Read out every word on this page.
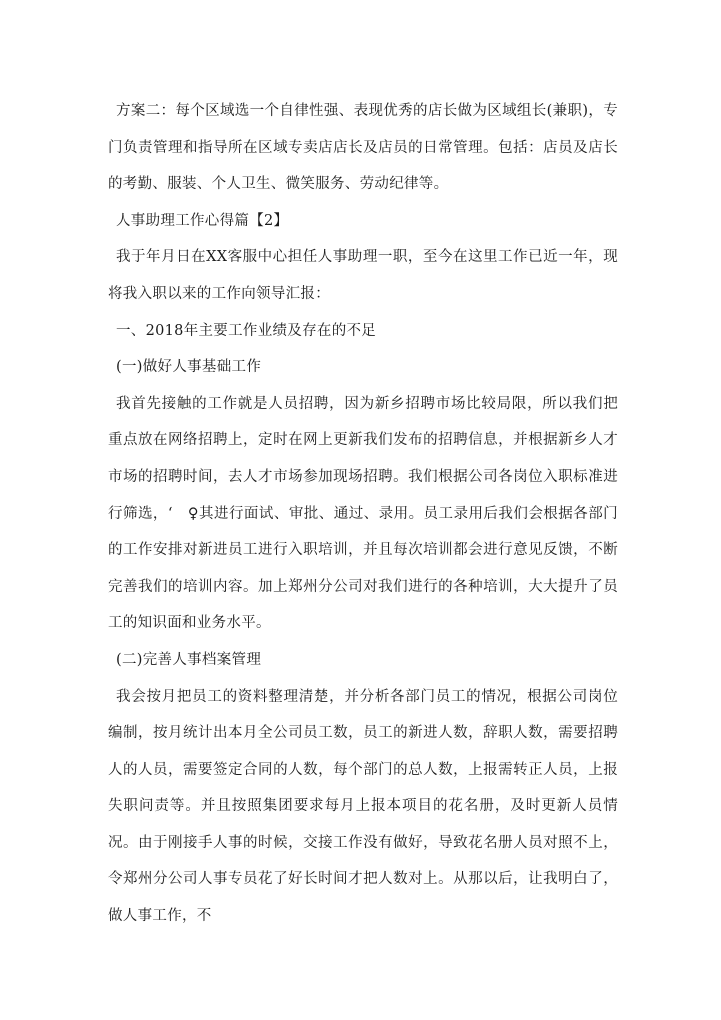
方案二：每个区域选一个自律性强、表现优秀的店长做为区域组长(兼职)，专门负责管理和指导所在区域专卖店店长及店员的日常管理。包括：店员及店长的考勤、服装、个人卫生、微笑服务、劳动纪律等。

人事助理工作心得篇【2】

我于年月日在XX客服中心担任人事助理一职，至今在这里工作已近一年，现将我入职以来的工作向领导汇报：

一、2018年主要工作业绩及存在的不足

(一)做好人事基础工作

我首先接触的工作就是人员招聘，因为新乡招聘市场比较局限，所以我们把重点放在网络招聘上，定时在网上更新我们发布的招聘信息，并根据新乡人才市场的招聘时间，去人才市场参加现场招聘。我们根据公司各岗位入职标准进行筛选，‘　♀其进行面试、审批、通过、录用。员工录用后我们会根据各部门的工作安排对新进员工进行入职培训，并且每次培训都会进行意见反馈，不断完善我们的培训内容。加上郑州分公司对我们进行的各种培训，大大提升了员工的知识面和业务水平。

(二)完善人事档案管理

我会按月把员工的资料整理清楚，并分析各部门员工的情况，根据公司岗位编制，按月统计出本月全公司员工数，员工的新进人数，辞职人数，需要招聘人的人员，需要签定合同的人数，每个部门的总人数，上报需转正人员，上报失职问责等。并且按照集团要求每月上报本项目的花名册，及时更新人员情况。由于刚接手人事的时候，交接工作没有做好，导致花名册人员对照不上，令郑州分公司人事专员花了好长时间才把人数对上。从那以后，让我明白了，做人事工作，不
